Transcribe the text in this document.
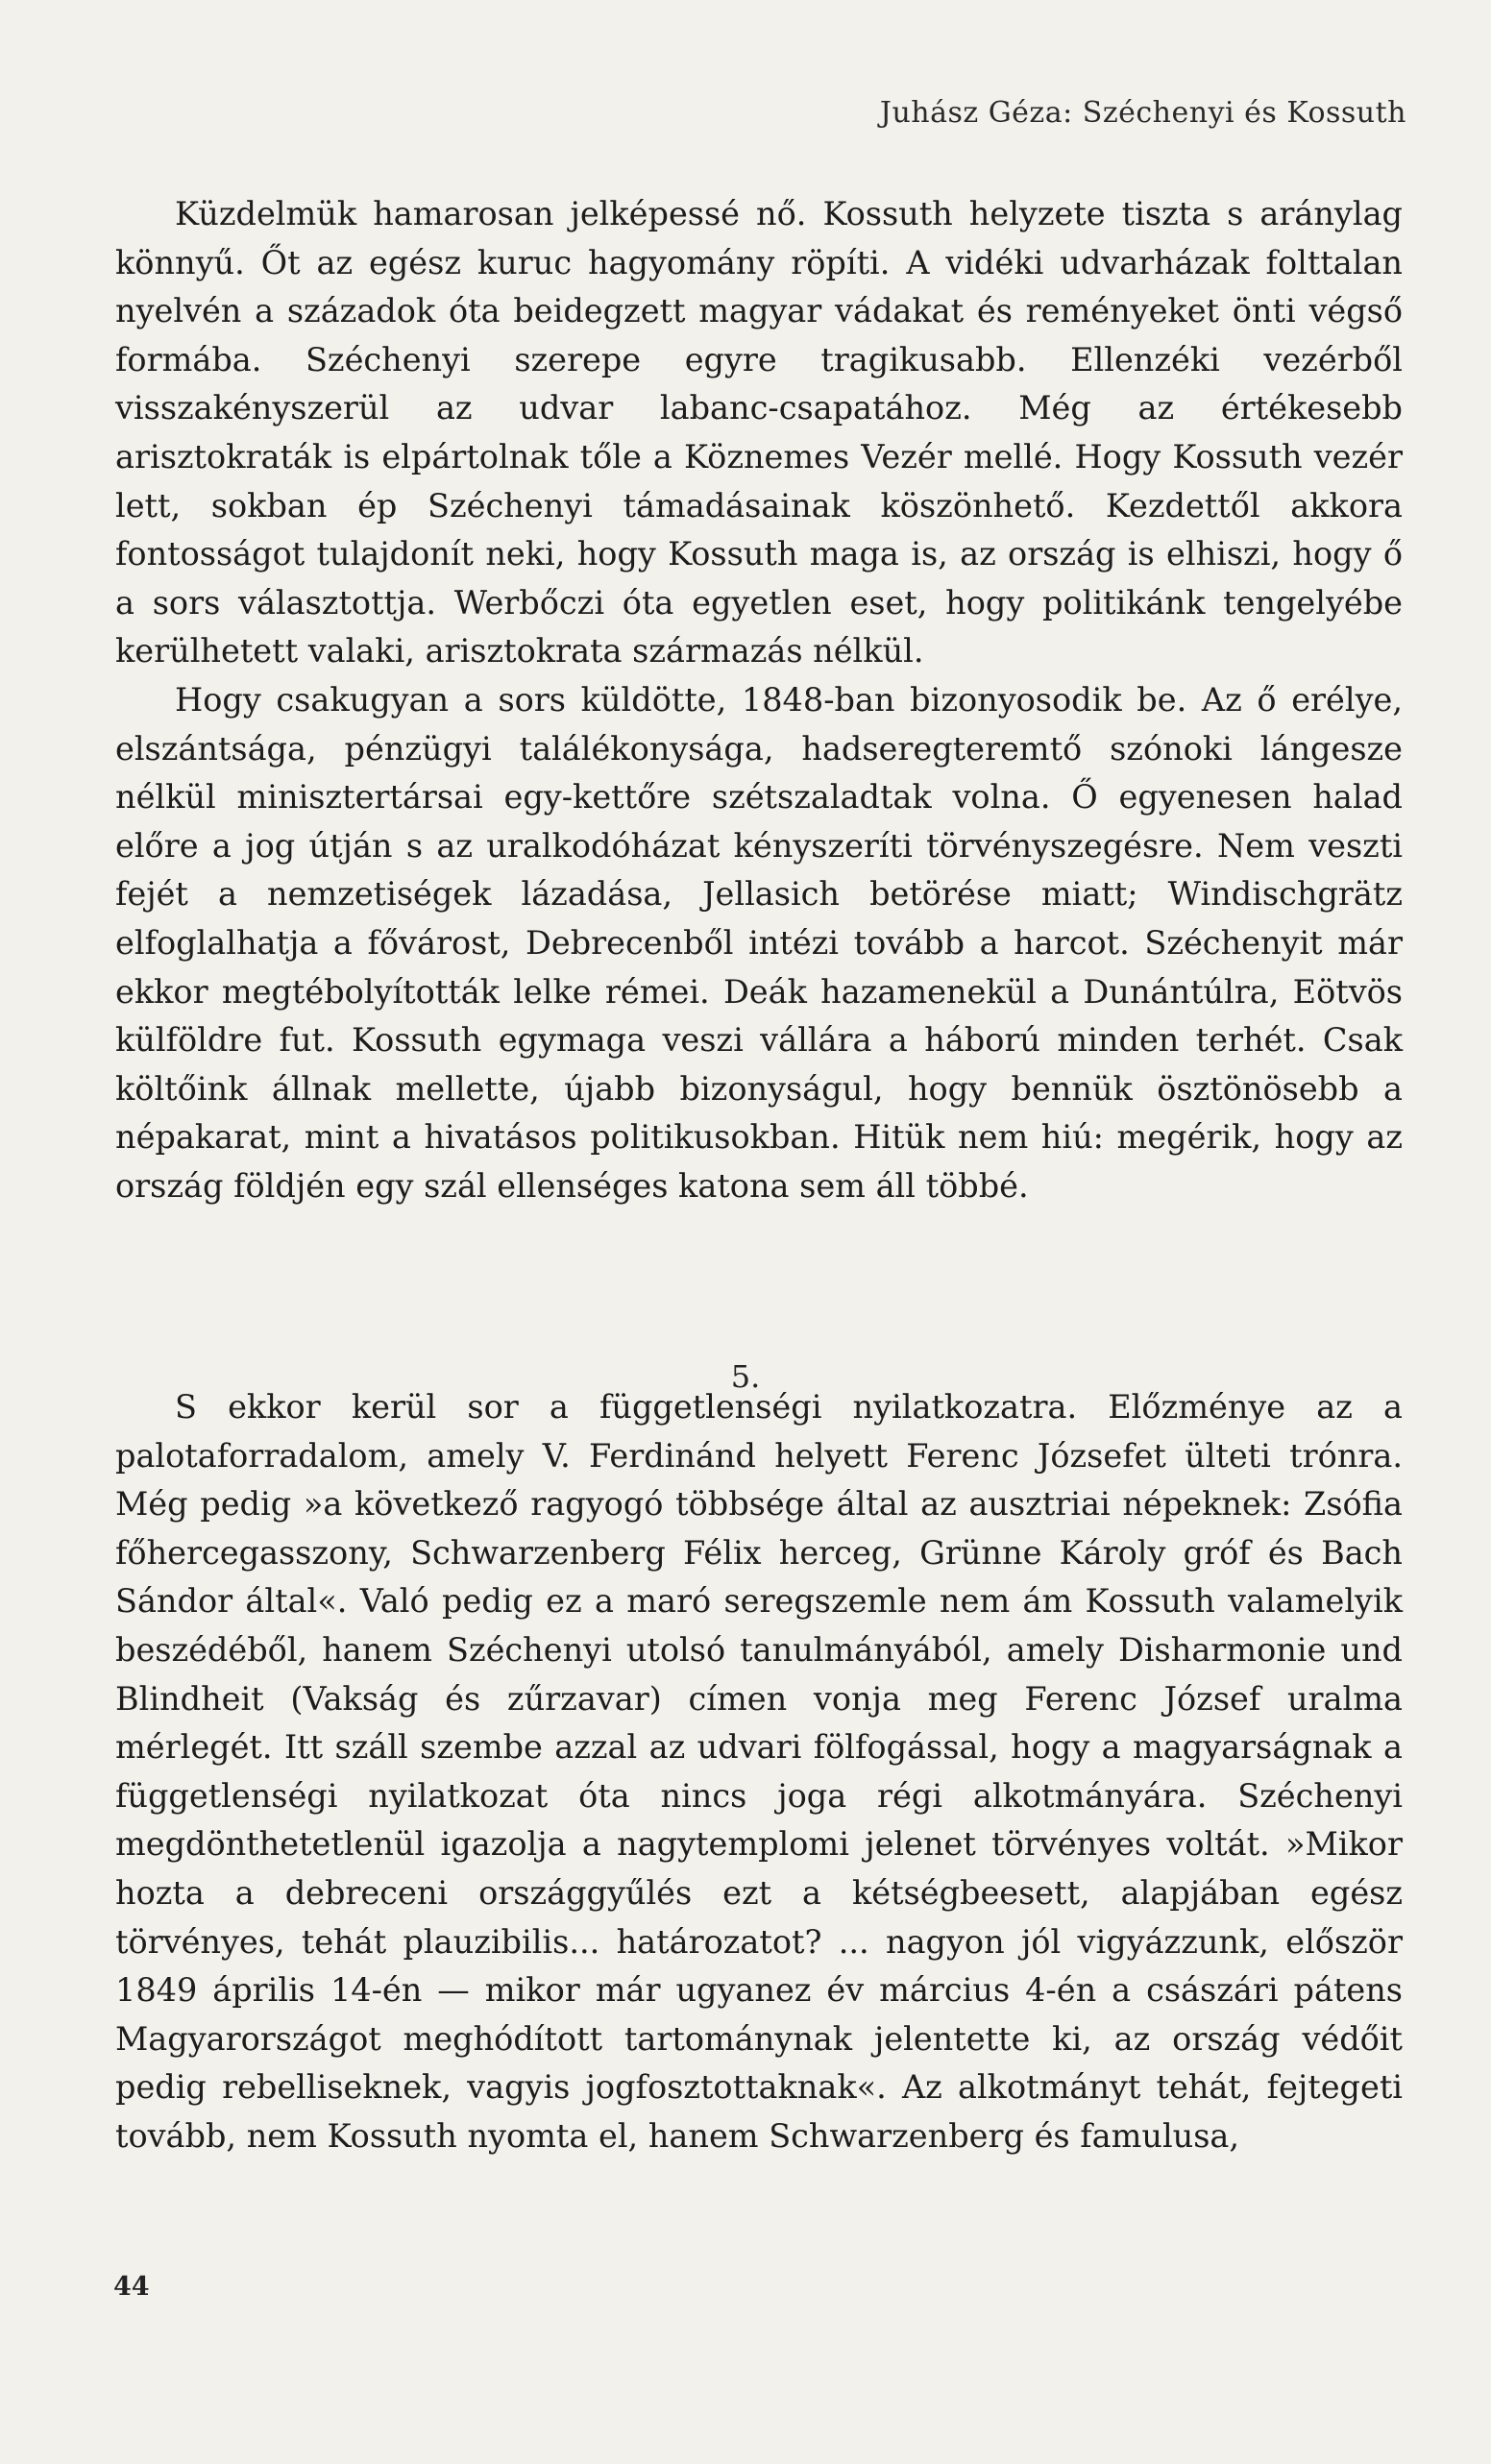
Juhász Géza: Széchenyi és Kossuth

Küzdelmük hamarosan jelképessé nő. Kossuth helyzete tiszta s aránylag könnyű. Őt az egész kuruc hagyomány röpíti. A vidéki udvarházak folttalan nyelvén a századok óta beidegzett magyar vádakat és reményeket önti végső formába. Széchenyi szerepe egyre tragikusabb. Ellenzéki vezérből visszakényszerül az udvar labanc-csapatához. Még az értékesebb arisztokraták is elpártolnak tőle a Köznemes Vezér mellé. Hogy Kossuth vezér lett, sokban ép Széchenyi támadásainak köszönhető. Kezdettől akkora fontosságot tulajdonít neki, hogy Kossuth maga is, az ország is elhiszi, hogy ő a sors választottja. Werbőczi óta egyetlen eset, hogy politikánk tengelyébe kerülhetett valaki, arisztokrata származás nélkül.

Hogy csakugyan a sors küldötte, 1848-ban bizonyosodik be. Az ő erélye, elszántsága, pénzügyi találékonysága, hadseregteremtő szónoki lángesze nélkül minisztertársai egy-kettőre szétszaladtak volna. Ő egyenesen halad előre a jog útján s az uralkodóházat kényszeríti törvényszegésre. Nem veszti fejét a nemzetiségek lázadása, Jellasich betörése miatt; Windischgrätz elfoglalhatja a fővárost, Debrecenből intézi tovább a harcot. Széchenyit már ekkor megtébolyították lelke rémei. Deák hazamenekül a Dunántúlra, Eötvös külföldre fut. Kossuth egymaga veszi vállára a háború minden terhét. Csak költőink állnak mellette, újabb bizonyságul, hogy bennük ösztönösebb a népakarat, mint a hivatásos politikusokban. Hitük nem hiú: megérik, hogy az ország földjén egy szál ellenséges katona sem áll többé.

5.

S ekkor kerül sor a függetlenségi nyilatkozatra. Előzménye az a palotaforradalom, amely V. Ferdinánd helyett Ferenc Józsefet ülteti trónra. Még pedig »a következő ragyogó többsége által az ausztriai népeknek: Zsófia főhercegasszony, Schwarzenberg Félix herceg, Grünne Károly gróf és Bach Sándor által«. Való pedig ez a maró seregszemle nem ám Kossuth valamelyik beszédéből, hanem Széchenyi utolsó tanulmányából, amely Disharmonie und Blindheit (Vakság és zűrzavar) címen vonja meg Ferenc József uralma mérlegét. Itt száll szembe azzal az udvari fölfogással, hogy a magyarságnak a függetlenségi nyilatkozat óta nincs joga régi alkotmányára. Széchenyi megdönthetetlenül igazolja a nagytemplomi jelenet törvényes voltát. »Mikor hozta a debreceni országgyűlés ezt a kétségbeesett, alapjában egész törvényes, tehát plauzibilis... határozatot? ... nagyon jól vigyázzunk, először 1849 április 14-én — mikor már ugyanez év március 4-én a császári pátens Magyarországot meghódított tartománynak jelentette ki, az ország védőit pedig rebelliseknek, vagyis jogfosztottaknak«. Az alkotmányt tehát, fejtegeti tovább, nem Kossuth nyomta el, hanem Schwarzenberg és famulusa,

44
